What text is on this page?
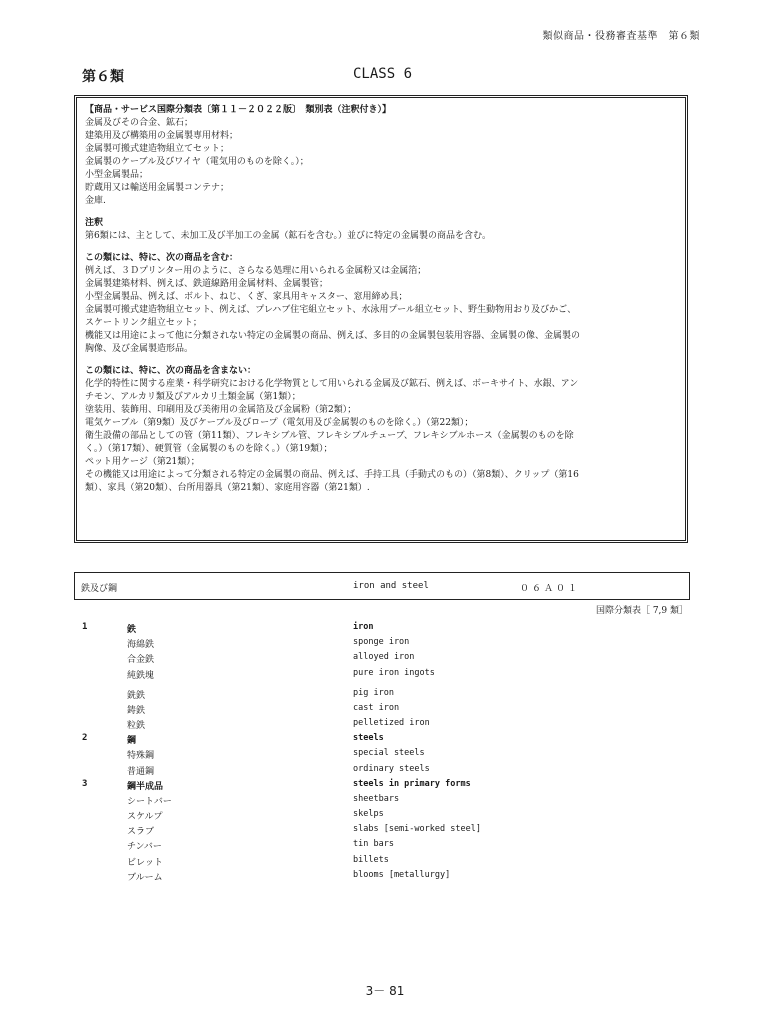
類似商品・役務審査基準　第６類
第６類	CLASS 6
【商品・サービス国際分類表〔第１１－２０２２版〕　類別表（注釈付き）】
金属及びその合金、鉱石；
建築用及び構築用の金属製専用材料；
金属製可搬式建造物組立てセット；
金属製のケーブル及びワイヤ（電気用のものを除く。）；
小型金属製品；
貯蔵用又は輸送用金属製コンテナ；
金庫.
注釈
第6類には、主として、未加工及び半加工の金属（鉱石を含む。）並びに特定の金属製の商品を含む。
この類には、特に、次の商品を含む：
例えば、３Ｄプリンター用のように、さらなる処理に用いられる金属粉又は金属箔；
金属製建築材料、例えば、鉄道線路用金属材料、金属製管；
小型金属製品、例えば、ボルト、ねじ、くぎ、家具用キャスター、窓用締め具；
金属製可搬式建造物組立セット、例えば、プレハブ住宅組立セット、水泳用プール組立セット、野生動物用おり及びかご、
スケートリンク組立セット；
機能又は用途によって他に分類されない特定の金属製の商品、例えば、多目的の金属製包装用容器、金属製の像、金属製の
胸像、及び金属製造形品。
この類には、特に、次の商品を含まない：
化学的特性に関する産業・科学研究における化学物質として用いられる金属及び鉱石、例えば、ボーキサイト、水銀、アン
チモン、アルカリ類及びアルカリ土類金属（第1類）；
塗装用、装飾用、印刷用及び美術用の金属箔及び金属粉（第2類）；
電気ケーブル（第9類）及びケーブル及びロープ（電気用及び金属製のものを除く。）（第22類）；
衛生設備の部品としての管（第11類）、フレキシブル管、フレキシブルチューブ、フレキシブルホース（金属製のものを除
く。）（第17類）、硬質管（金属製のものを除く。）（第19類）；
ペット用ケージ（第21類）；
その機能又は用途によって分類される特定の金属製の商品、例えば、手持工具（手動式のもの）（第8類）、クリップ（第16
類）、家具（第20類）、台所用器具（第21類）、家庭用容器（第21類）.
鉄及び鋼	iron and steel	０６Ａ０１
国際分類表［ 7,9 類］
1	鉄	iron
海綿鉄	sponge iron
合金鉄	alloyed iron
純鉄塊	pure iron ingots
銑鉄	pig iron
鋳鉄	cast iron
粒鉄	pelletized iron
2	鋼	steels
特殊鋼	special steels
普通鋼	ordinary steels
3	鋼半成品	steels in primary forms
シートバー	sheetbars
スケルプ	skelps
スラブ	slabs [semi-worked steel]
チンバー	tin bars
ビレット	billets
ブルーム	blooms [metallurgy]
3－ 81
